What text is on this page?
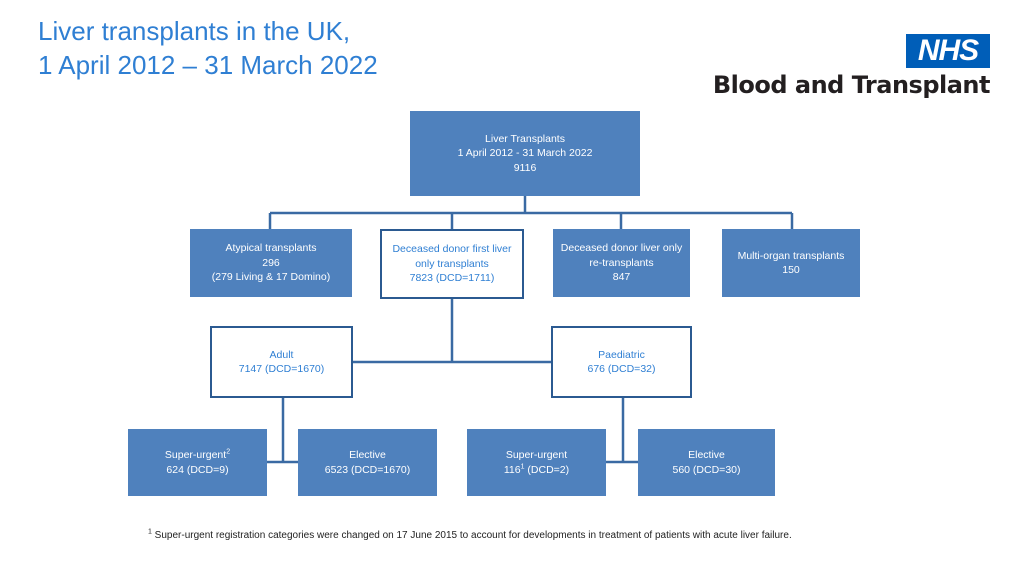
Liver transplants in the UK,
1 April 2012 – 31 March 2022	NHS
Blood and Transplant
Liver Transplants
1 April 2012 - 31 March 2022
9116
Atypical transplants
296
(279 Living & 17 Domino)
Deceased donor first liver
only transplants
7823 (DCD=1711)
Deceased donor liver only
re-transplants
847
Multi-organ transplants
150
Adult
7147 (DCD=1670)
Paediatric
676 (DCD=32)
Super-urgent$^2$
624 (DCD=9)
Elective
6523 (DCD=1670)
Super-urgent
$116^1$ (DCD=2)
Elective
560 (DCD=30)
$^1$ Super-urgent registration categories were changed on 17 June 2015 to account for developments in treatment of patients with acute liver failure.
